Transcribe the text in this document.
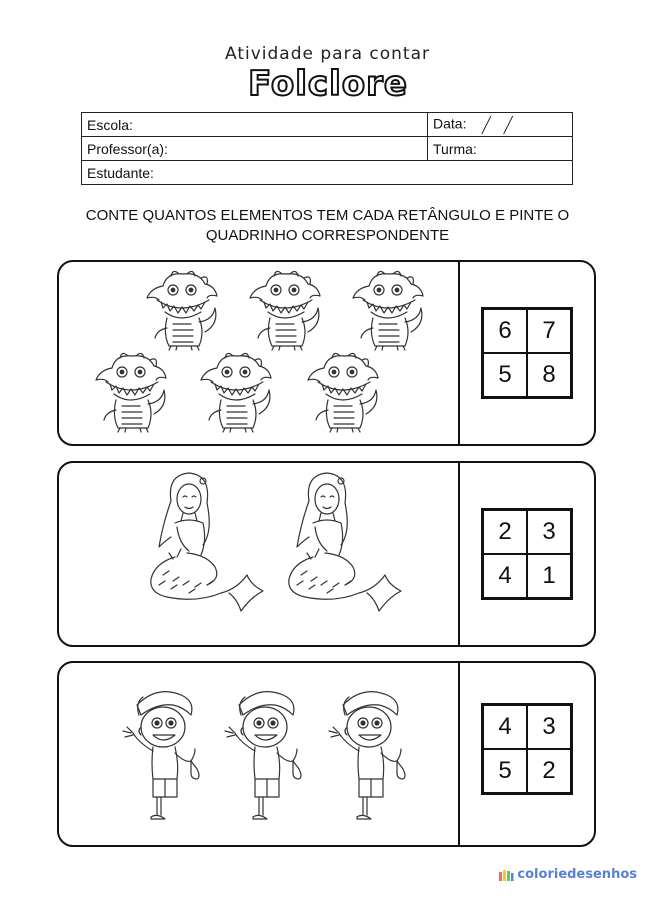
Atividade para contar
Folclore
Escola:	Data:
Professor(a):	Turma:
Estudante:	
CONTE QUANTOS ELEMENTOS TEM CADA RETÂNGULO E PINTE O
QUADRINHO CORRESPONDENTE
6	7
5	8
2	3
4	1
4	3
5	2
coloriedesenhos
